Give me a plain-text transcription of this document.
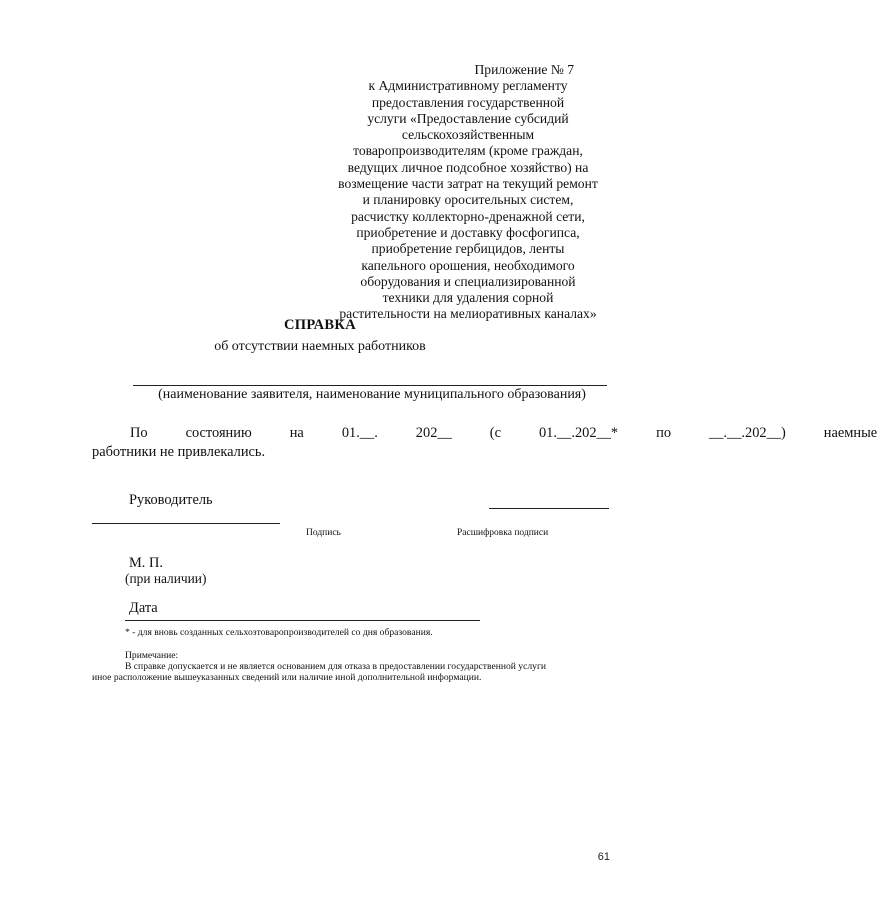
Приложение № 7
к Административному регламенту
предоставления государственной
услуги «Предоставление субсидий
сельскохозяйственным
товаропроизводителям (кроме граждан,
ведущих личное подсобное хозяйство) на
возмещение части затрат на текущий ремонт
и планировку оросительных систем,
расчистку коллекторно-дренажной сети,
приобретение и доставку фосфогипса,
приобретение гербицидов, ленты
капельного орошения, необходимого
оборудования и специализированной
техники для удаления сорной
растительности на мелиоративных каналах»
СПРАВКА
об отсутствии наемных работников
(наименование заявителя, наименование муниципального образования)
По	состоянию	на	01.__.	202__	(с	01.__.202__*	по	__.__.202__)	наемные
работники не привлекались.
Руководитель
Подпись	Расшифровка подписи
М. П.
(при наличии)
Дата
* - для вновь созданных сельхозтоваропроизводителей со дня образования.
Примечание:
В справке допускается и не является основанием для отказа в предоставлении государственной услуги
иное расположение вышеуказанных сведений или наличие иной дополнительной информации.
61
